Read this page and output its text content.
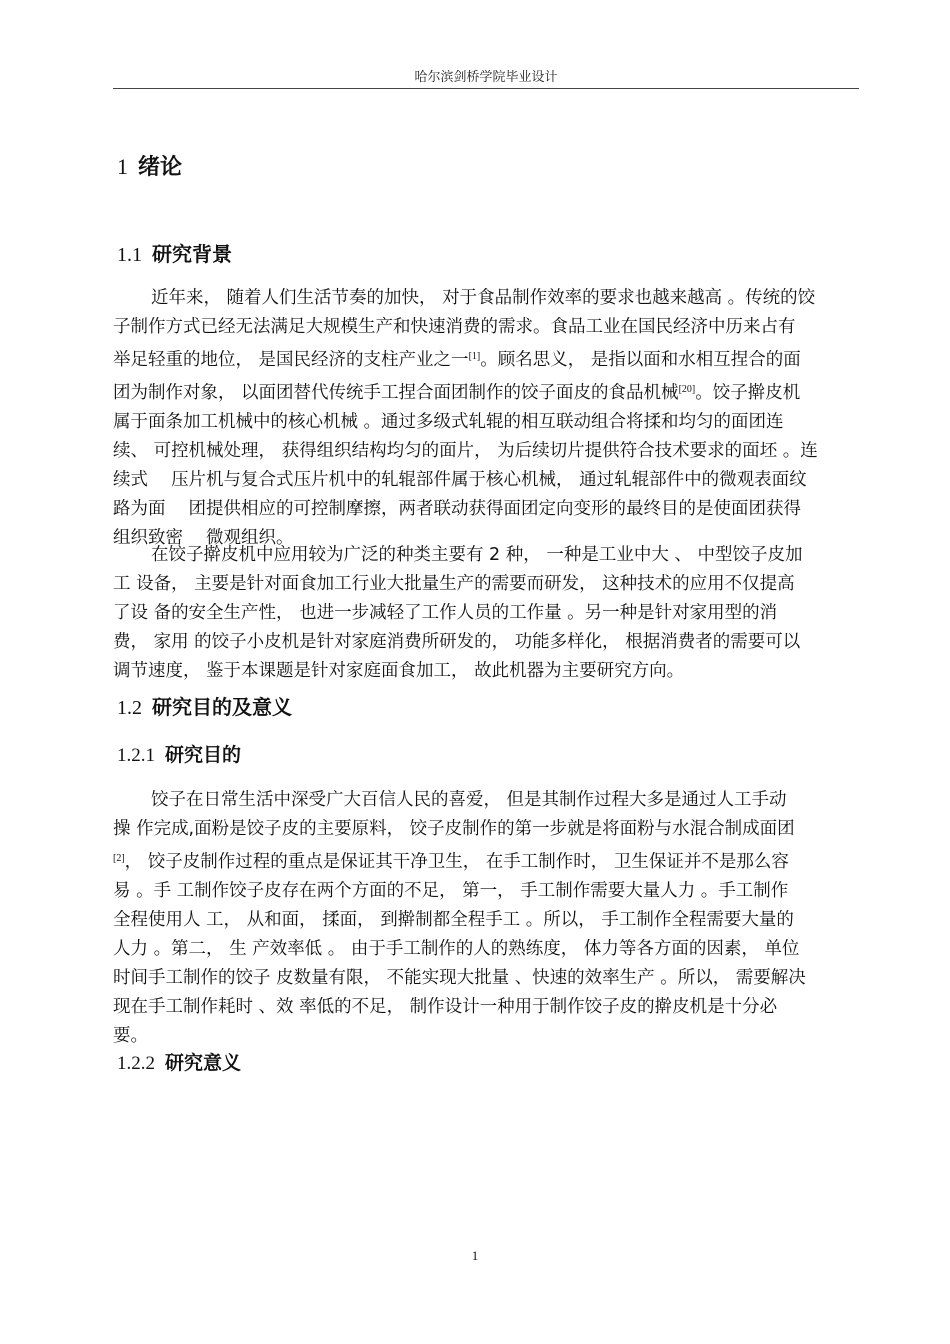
哈尔滨剑桥学院毕业设计
1 绪论
1.1 研究背景
近年来， 随着人们生活节奏的加快， 对于食品制作效率的要求也越来越高 。传统的饺
子制作方式已经无法满足大规模生产和快速消费的需求。食品工业在国民经济中历来占有
举足轻重的地位， 是国民经济的支柱产业之一[1]。顾名思义， 是指以面和水相互捏合的面
团为制作对象， 以面团替代传统手工捏合面团制作的饺子面皮的食品机械[20]。饺子擀皮机
属于面条加工机械中的核心机械 。通过多级式轧辊的相互联动组合将揉和均匀的面团连
续、 可控机械处理， 获得组织结构均匀的面片， 为后续切片提供符合技术要求的面坯 。连
续式　 压片机与复合式压片机中的轧辊部件属于核心机械， 通过轧辊部件中的微观表面纹
路为面　 团提供相应的可控制摩擦，两者联动获得面团定向变形的最终目的是使面团获得
组织致密　 微观组织。
在饺子擀皮机中应用较为广泛的种类主要有 2 种， 一种是工业中大 、 中型饺子皮加
工 设备， 主要是针对面食加工行业大批量生产的需要而研发， 这种技术的应用不仅提高
了设 备的安全生产性， 也进一步减轻了工作人员的工作量 。另一种是针对家用型的消
费， 家用 的饺子小皮机是针对家庭消费所研发的， 功能多样化， 根据消费者的需要可以
调节速度， 鉴于本课题是针对家庭面食加工， 故此机器为主要研究方向。
1.2 研究目的及意义
1.2.1 研究目的
饺子在日常生活中深受广大百信人民的喜爱， 但是其制作过程大多是通过人工手动
操 作完成,面粉是饺子皮的主要原料， 饺子皮制作的第一步就是将面粉与水混合制成面团
[2]， 饺子皮制作过程的重点是保证其干净卫生， 在手工制作时， 卫生保证并不是那么容
易 。手 工制作饺子皮存在两个方面的不足， 第一， 手工制作需要大量人力 。手工制作
全程使用人 工， 从和面， 揉面， 到擀制都全程手工 。所以， 手工制作全程需要大量的
人力 。第二， 生 产效率低 。 由于手工制作的人的熟练度， 体力等各方面的因素， 单位
时间手工制作的饺子 皮数量有限， 不能实现大批量 、快速的效率生产 。所以， 需要解决
现在手工制作耗时 、效 率低的不足， 制作设计一种用于制作饺子皮的擀皮机是十分必
要。
1.2.2 研究意义
1
